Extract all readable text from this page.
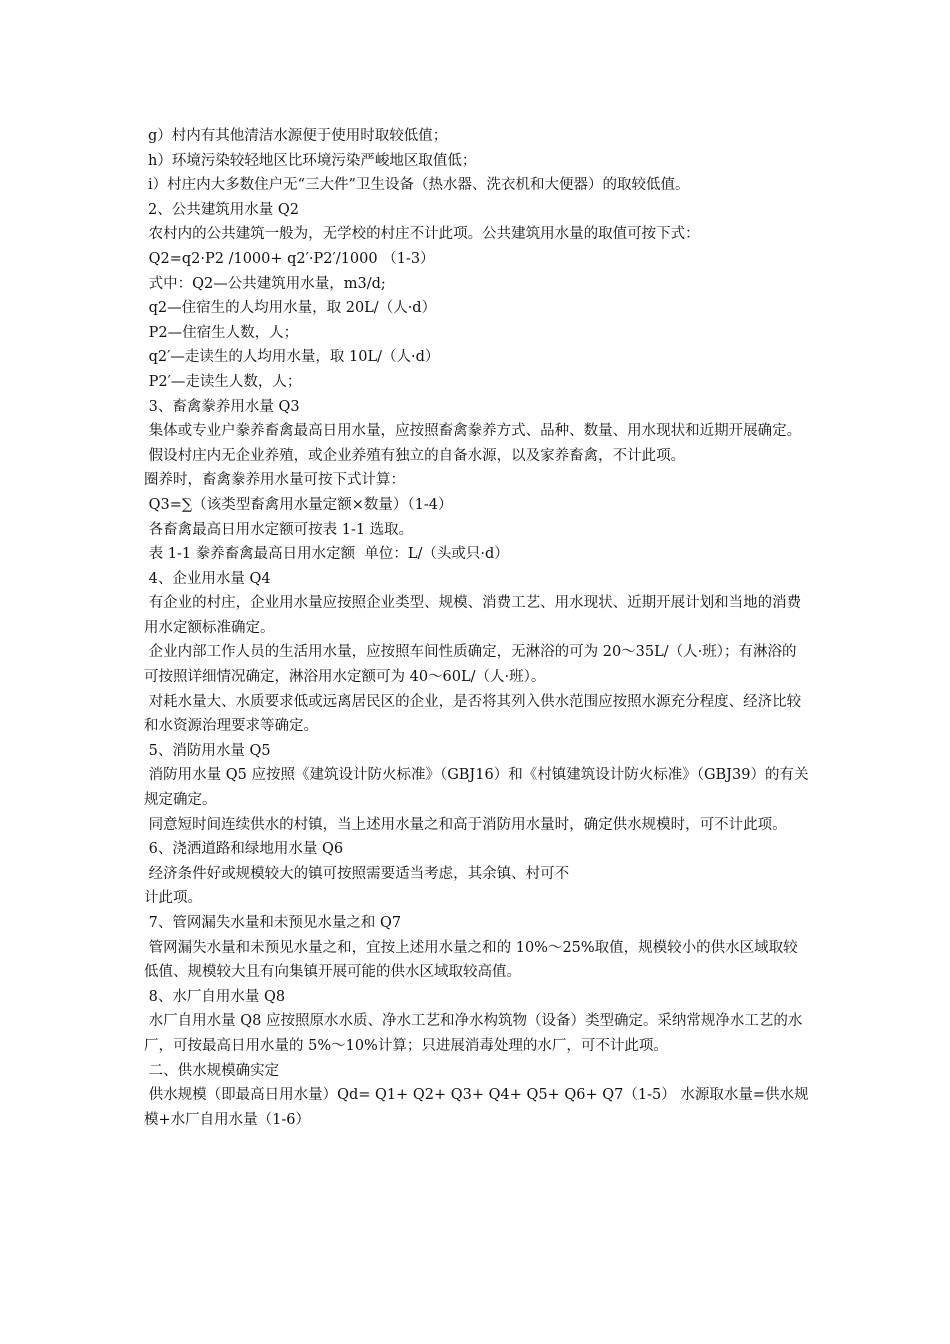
g）村内有其他清洁水源便于使用时取较低值；
h）环境污染较轻地区比环境污染严峻地区取值低；
i）村庄内大多数住户无“三大件”卫生设备（热水器、洗衣机和大便器）的取较低值。
2、公共建筑用水量 Q2
农村内的公共建筑一般为，无学校的村庄不计此项。公共建筑用水量的取值可按下式：
Q2=q2·P2 /1000+ q2′·P2′/1000 （1-3）
式中：Q2—公共建筑用水量，m3/d;
q2—住宿生的人均用水量，取 20L/（人·d）
P2—住宿生人数，人；
q2′—走读生的人均用水量，取 10L/（人·d）
P2′—走读生人数，人；
3、畜禽豢养用水量 Q3
集体或专业户豢养畜禽最高日用水量，应按照畜禽豢养方式、品种、数量、用水现状和近期开展确定。
假设村庄内无企业养殖，或企业养殖有独立的自备水源，以及家养畜禽，不计此项。
圈养时，畜禽豢养用水量可按下式计算：
Q3=∑（该类型畜禽用水量定额×数量）（1-4）
各畜禽最高日用水定额可按表 1-1 选取。
表 1-1 豢养畜禽最高日用水定额  单位：L/（头或只·d）
4、企业用水量 Q4
有企业的村庄，企业用水量应按照企业类型、规模、消费工艺、用水现状、近期开展计划和当地的消费用水定额标准确定。
企业内部工作人员的生活用水量，应按照车间性质确定，无淋浴的可为 20～35L/（人·班）；有淋浴的可按照详细情况确定，淋浴用水定额可为 40～60L/（人·班）。
对耗水量大、水质要求低或远离居民区的企业，是否将其列入供水范围应按照水源充分程度、经济比较和水资源治理要求等确定。
5、消防用水量 Q5
消防用水量 Q5 应按照《建筑设计防火标准》（GBJ16）和《村镇建筑设计防火标准》（GBJ39）的有关规定确定。
同意短时间连续供水的村镇，当上述用水量之和高于消防用水量时，确定供水规模时，可不计此项。
6、浇洒道路和绿地用水量 Q6
经济条件好或规模较大的镇可按照需要适当考虑，其余镇、村可不
计此项。
7、管网漏失水量和未预见水量之和 Q7
管网漏失水量和未预见水量之和，宜按上述用水量之和的 10%～25%取值，规模较小的供水区域取较低值、规模较大且有向集镇开展可能的供水区域取较高值。
8、水厂自用水量 Q8
水厂自用水量 Q8 应按照原水水质、净水工艺和净水构筑物（设备）类型确定。采纳常规净水工艺的水厂，可按最高日用水量的 5%～10%计算；只进展消毒处理的水厂，可不计此项。
二、供水规模确实定
供水规模（即最高日用水量）Qd= Q1+ Q2+ Q3+ Q4+ Q5+ Q6+ Q7（1-5） 水源取水量=供水规模+水厂自用水量（1-6）
